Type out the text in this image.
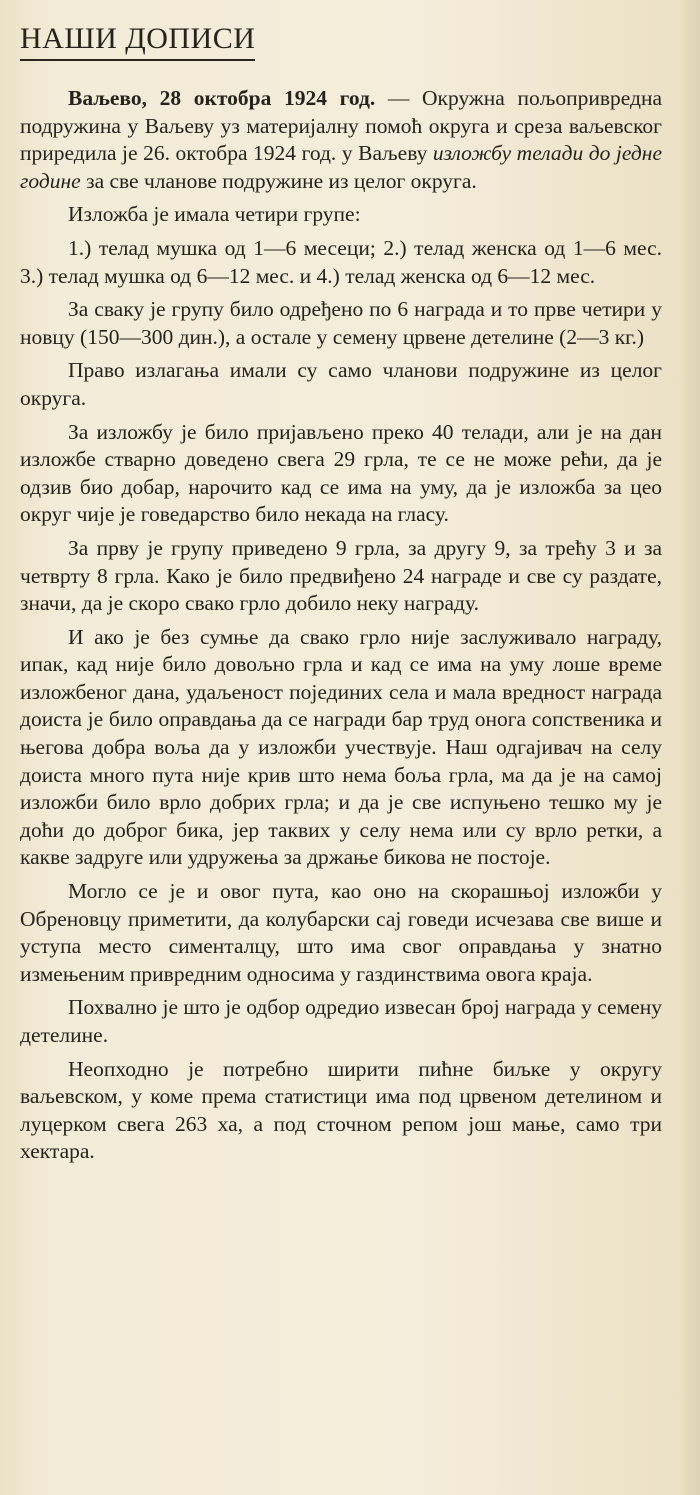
НАШИ ДОПИСИ

Ваљево, 28 октобра 1924 год. — Окружна пољопривредна подружина у Ваљеву уз материјалну помоћ округа и среза ваљевског приредила је 26. октобра 1924 год. у Ваљеву изложбу телади до једне године за све чланове подружине из целог округа.

Изложба је имала четири групе:

1.) телад мушка од 1—6 месеци; 2.) телад женска од 1—6 мес. 3.) телад мушка од 6—12 мес. и 4.) телад женска од 6—12 мес.

За сваку је групу било одређено по 6 награда и то прве четири у новцу (150—300 дин.), а остале у семену црвене детелине (2—3 кг.)

Право излагања имали су само чланови подружине из целог округа.

За изложбу је било пријављено преко 40 телади, али је на дан изложбе стварно доведено свега 29 грла, те се не може рећи, да је одзив био добар, нарочито кад се има на уму, да је изложба за цео округ чије је говедарство било некада на гласу.

За прву је групу приведено 9 грла, за другу 9, за трећу 3 и за четврту 8 грла. Како је било предвиђено 24 награде и све су раздате, значи, да је скоро свако грло добило неку награду.

И ако је без сумње да свако грло није заслуживало награду, ипак, кад није било довољно грла и кад се има на уму лоше време изложбеног дана, удаљеност појединих села и мала вредност награда доиста је било оправдања да се награди бар труд онога сопственика и његова добра воља да у изложби учествује. Наш одгајивач на селу доиста много пута није крив што нема боља грла, ма да је на самој изложби било врло добрих грла; и да је све испуњено тешко му је доћи до доброг бика, јер таквих у селу нема или су врло ретки, а какве задруге или удружења за држање бикова не постоје.

Могло се је и овог пута, као оно на скорашњој изложби у Обреновцу приметити, да колубарски сај говеди исчезава све више и уступа место сименталцу, што има свог оправдања у знатно измењеним привредним односима у газдинствима овога краја.

Похвално је што је одбор одредио извесан број награда у семену детелине.

Неопходно је потребно ширити пићне биљке у округу ваљевском, у коме према статистици има под црвеном детелином и луцерком свега 263 ха, а под сточном репом још мање, само три хектара.
